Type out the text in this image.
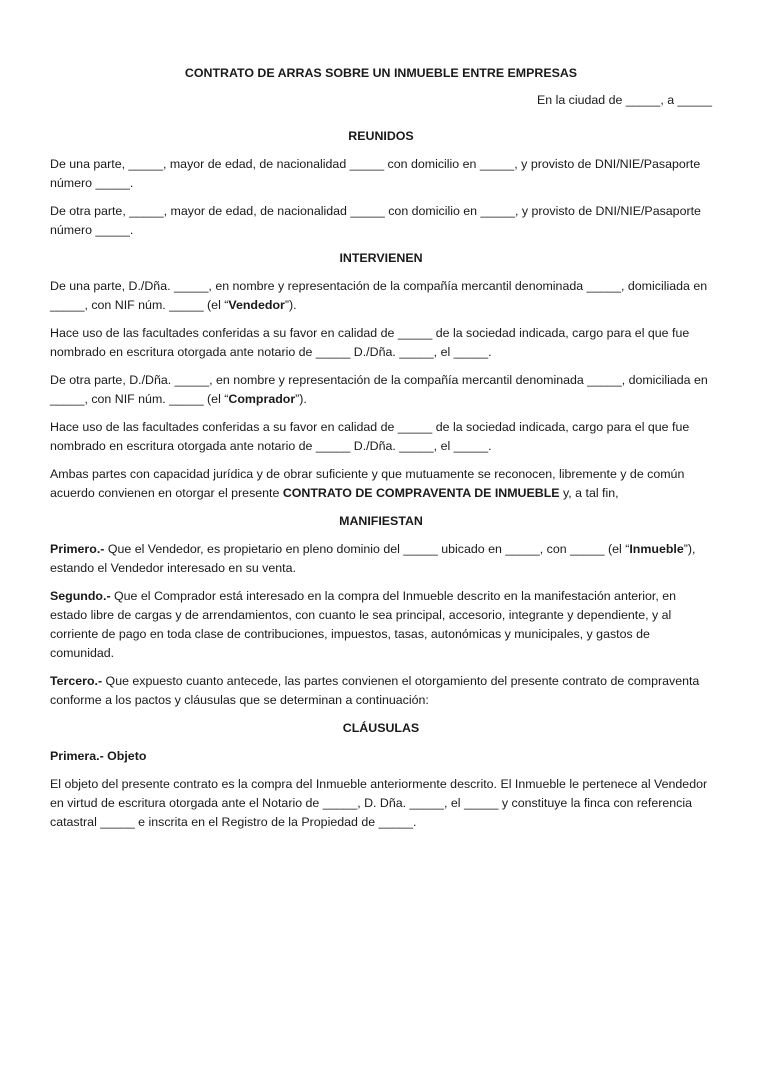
CONTRATO DE ARRAS SOBRE UN INMUEBLE ENTRE EMPRESAS
En la ciudad de _____, a _____
REUNIDOS
De una parte, _____, mayor de edad, de nacionalidad _____ con domicilio en _____, y provisto de DNI/NIE/Pasaporte número _____.
De otra parte, _____, mayor de edad, de nacionalidad _____ con domicilio en _____, y provisto de DNI/NIE/Pasaporte número _____.
INTERVIENEN
De una parte, D./Dña. _____, en nombre y representación de la compañía mercantil denominada _____, domiciliada en _____, con NIF núm. _____ (el “Vendedor”).
Hace uso de las facultades conferidas a su favor en calidad de _____ de la sociedad indicada, cargo para el que fue nombrado en escritura otorgada ante notario de _____ D./Dña. _____, el _____.
De otra parte, D./Dña. _____, en nombre y representación de la compañía mercantil denominada _____, domiciliada en _____, con NIF núm. _____ (el “Comprador”).
Hace uso de las facultades conferidas a su favor en calidad de _____ de la sociedad indicada, cargo para el que fue nombrado en escritura otorgada ante notario de _____ D./Dña. _____, el _____.
Ambas partes con capacidad jurídica y de obrar suficiente y que mutuamente se reconocen, libremente y de común acuerdo convienen en otorgar el presente CONTRATO DE COMPRAVENTA DE INMUEBLE y, a tal fin,
MANIFIESTAN
Primero.- Que el Vendedor, es propietario en pleno dominio del _____ ubicado en _____, con _____ (el “Inmueble”), estando el Vendedor interesado en su venta.
Segundo.- Que el Comprador está interesado en la compra del Inmueble descrito en la manifestación anterior, en estado libre de cargas y de arrendamientos, con cuanto le sea principal, accesorio, integrante y dependiente, y al corriente de pago en toda clase de contribuciones, impuestos, tasas, autonómicas y municipales, y gastos de comunidad.
Tercero.- Que expuesto cuanto antecede, las partes convienen el otorgamiento del presente contrato de compraventa conforme a los pactos y cláusulas que se determinan a continuación:
CLÁUSULAS
Primera.- Objeto
El objeto del presente contrato es la compra del Inmueble anteriormente descrito. El Inmueble le pertenece al Vendedor en virtud de escritura otorgada ante el Notario de _____, D. Dña. _____, el _____ y constituye la finca con referencia catastral _____ e inscrita en el Registro de la Propiedad de _____.
